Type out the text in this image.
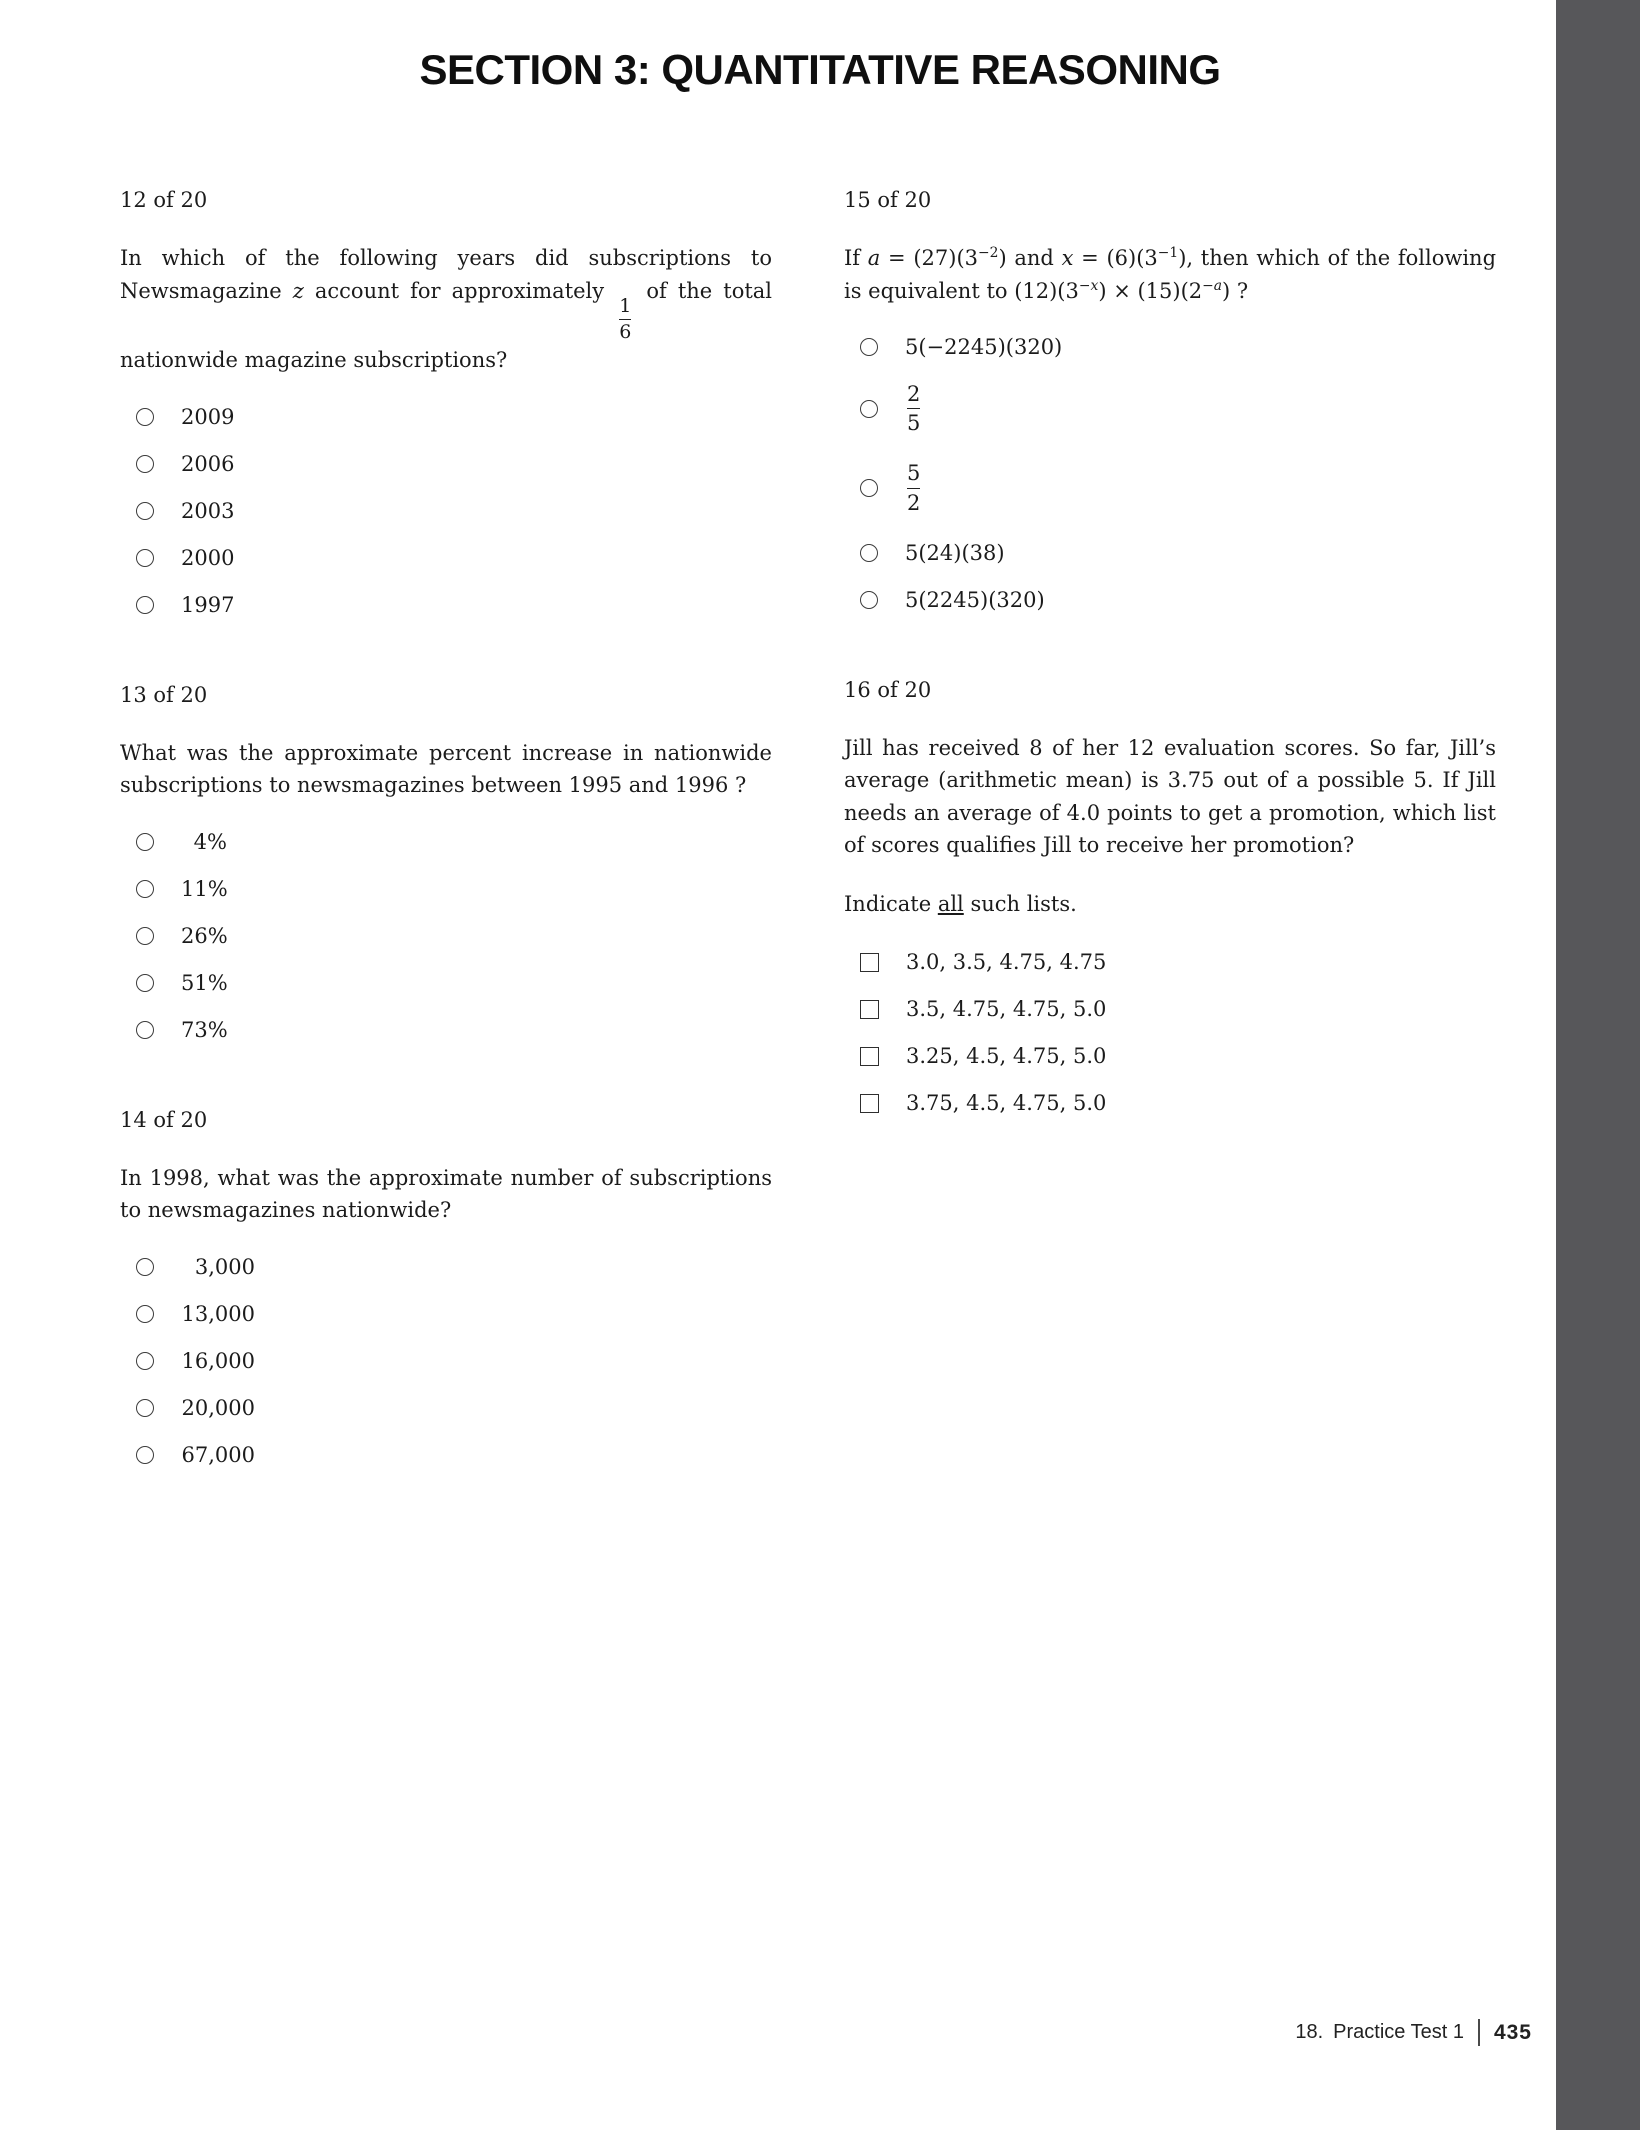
SECTION 3: QUANTITATIVE REASONING

12 of 20

In which of the following years did subscriptions to Newsmagazine z account for approximately
$\frac{1}{6}$
of the total nationwide magazine subscriptions?

2009
2006
2003
2000
1997

13 of 20

What was the approximate percent increase in nationwide subscriptions to newsmagazines between 1995 and 1996 ?

4%
11%
26%
51%
73%

14 of 20

In 1998, what was the approximate number of subscriptions to newsmagazines nationwide?

3,000
13,000
16,000
20,000
67,000

15 of 20

If $a = (27)(3^{-2})$ and $x = (6)(3^{-1})$, then which of the following is equivalent to $(12)(3^{-x}) \times (15)(2^{-a})$ ?

5(−2245)(320)
$\frac{2}{5}$
$\frac{5}{2}$
5(24)(38)
5(2245)(320)

16 of 20

Jill has received 8 of her 12 evaluation scores. So far, Jill’s average (arithmetic mean) is 3.75 out of a possible 5. If Jill needs an average of 4.0 points to get a promotion, which list of scores qualifies Jill to receive her promotion?

Indicate all such lists.

3.0, 3.5, 4.75, 4.75
3.5, 4.75, 4.75, 5.0
3.25, 4.5, 4.75, 5.0
3.75, 4.5, 4.75, 5.0
18. Practice Test 1 435
